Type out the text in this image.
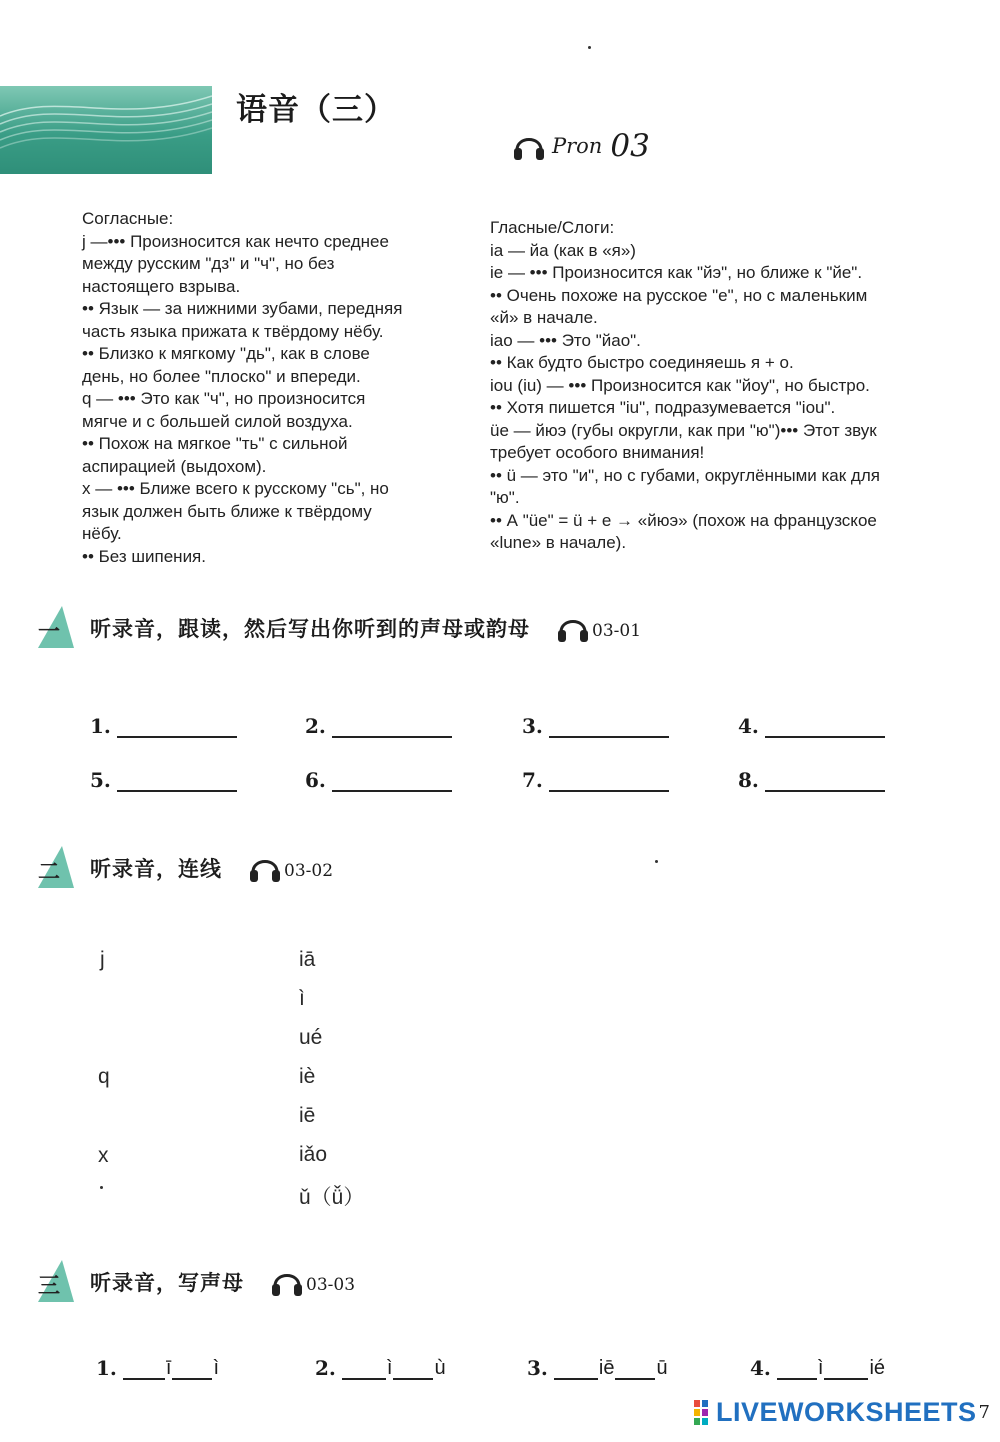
语音（三）
Pron 03
Согласные:
j —••• Произносится как нечто среднее
между русским "дз" и "ч", но без
настоящего взрыва.
•• Язык — за нижними зубами, передняя
часть языка прижата к твёрдому нёбу.
•• Близко к мягкому "дь", как в слове
день, но более "плоско" и впереди.
q — ••• Это как "ч", но произносится
мягче и с большей силой воздуха.
•• Похож на мягкое "ть" с сильной
аспирацией (выдохом).
x — ••• Ближе всего к русскому "сь", но
язык должен быть ближе к твёрдому
нёбу.
•• Без шипения.
Гласные/Слоги:
ia — йа (как в «я»)
ie — ••• Произносится как "йэ", но ближе к "йе".
•• Очень похоже на русское "е", но с маленьким
«й» в начале.
iao — ••• Это "йао".
•• Как будто быстро соединяешь я + о.
iou (iu) — ••• Произносится как "йоу", но быстро.
•• Хотя пишется "iu", подразумевается "iou".
üe — йюэ (губы округли, как при "ю")••• Этот звук
требует особого внимания!
•• ü — это "и", но с губами, округлёнными как для
"ю".
•• А "üe" = ü + e → «йюэ» (похож на французское
«lune» в начале).
一 听录音，跟读，然后写出你听到的声母或韵母	03-01
1.	2.	3.	4.
5.	6.	7.	8.
二 听录音，连线	03-02
j
q
x
iā
ì
ué
iè
iē
iǎo
ǔ（ǚ）
三 听录音，写声母	03-03
1. ī ì	2.	ì ù	3.	iē ū	4. ì ié
LIVEWORKSHEETS 7
